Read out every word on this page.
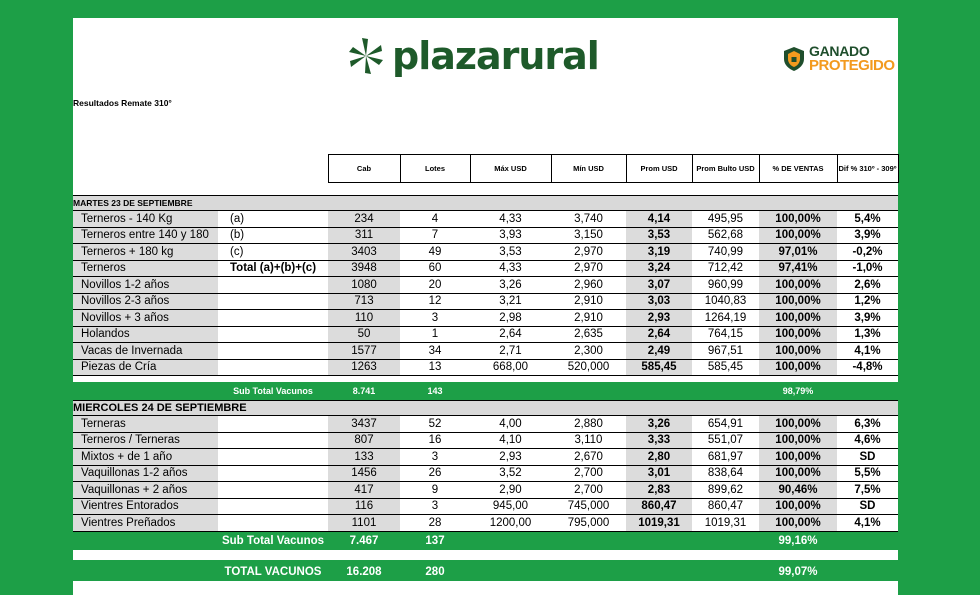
plazarural	GANADO
PROTEGIDO
Resultados Remate 310°
		Cab	Lotes	Máx USD	Mín USD	Prom USD	Prom Bulto USD	% DE VENTAS	Dif % 310º - 309º

MARTES 23 DE SEPTIEMBRE									
Terneros - 140 Kg	(a)	234	4	4,33	3,740	4,14	495,95	100,00%	5,4%
Terneros entre 140 y 180	(b)	311	7	3,93	3,150	3,53	562,68	100,00%	3,9%
Terneros + 180 kg	(c)	3403	49	3,53	2,970	3,19	740,99	97,01%	-0,2%
Terneros	Total (a)+(b)+(c)	3948	60	4,33	2,970	3,24	712,42	97,41%	-1,0%
Novillos 1-2 años		1080	20	3,26	2,960	3,07	960,99	100,00%	2,6%
Novillos 2-3 años		713	12	3,21	2,910	3,03	1040,83	100,00%	1,2%
Novillos + 3 años		110	3	2,98	2,910	2,93	1264,19	100,00%	3,9%
Holandos		50	1	2,64	2,635	2,64	764,15	100,00%	1,3%
Vacas de Invernada		1577	34	2,71	2,300	2,49	967,51	100,00%	4,1%
Piezas de Cría		1263	13	668,00	520,000	585,45	585,45	100,00%	-4,8%

	Sub Total Vacunos	8.741	143					98,79%	
MIERCOLES 24 DE SEPTIEMBRE									
Terneras		3437	52	4,00	2,880	3,26	654,91	100,00%	6,3%
Terneros / Terneras		807	16	4,10	3,110	3,33	551,07	100,00%	4,6%
Mixtos + de 1 año		133	3	2,93	2,670	2,80	681,97	100,00%	SD
Vaquillonas 1-2 años		1456	26	3,52	2,700	3,01	838,64	100,00%	5,5%
Vaquillonas + 2 años		417	9	2,90	2,700	2,83	899,62	90,46%	7,5%
Vientres Entorados		116	3	945,00	745,000	860,47	860,47	100,00%	SD
Vientres Preñados		1101	28	1200,00	795,000	1019,31	1019,31	100,00%	4,1%
	Sub Total Vacunos	7.467	137					99,16%	

	TOTAL VACUNOS	16.208	280					99,07%	
